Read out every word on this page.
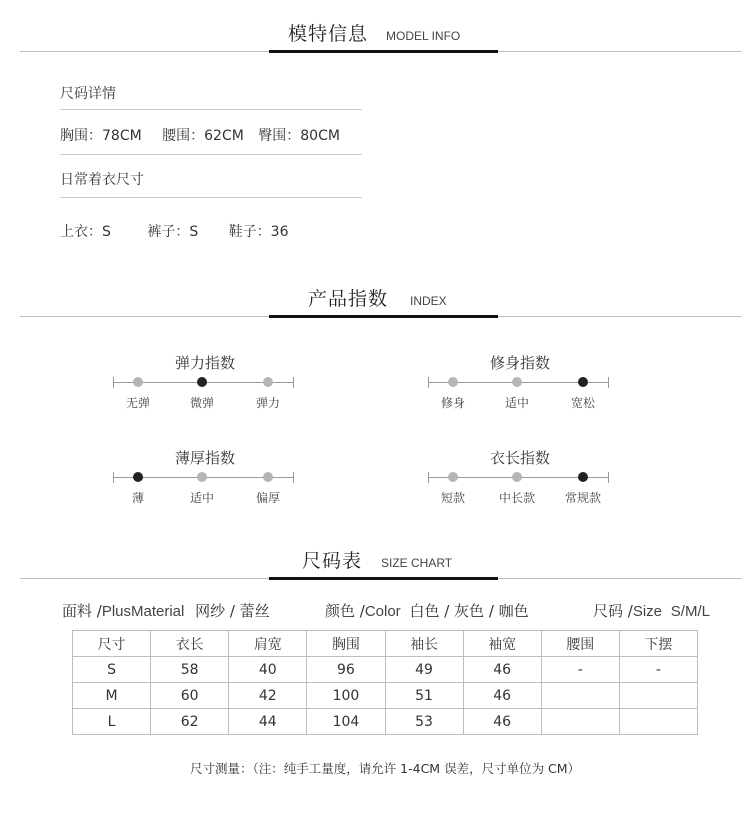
模特信息 MODEL INFO
尺码详情
胸围：78CM 腰围：62CM 臀围：80CM
日常着衣尺寸
上衣：S	裤子：S 鞋子：36
产品指数 INDEX
弹力指数
无弹	微弹	弹力
修身指数
修身	适中	宽松
薄厚指数
薄	适中	偏厚
衣长指数
短款	中长款	常规款
尺码表 SIZE CHART
面料 /PlusMaterial 网纱 / 蕾丝	颜色 /Color 白色 / 灰色 / 咖色	尺码 /Size S/M/L
尺寸	衣长	肩宽	胸围	袖长	袖宽	腰围	下摆
S	58	40	96	49	46	-	-
M	60	42	100	51	46		
L	62	44	104	53	46		
尺寸测量：（注：纯手工量度，请允许 1-4CM 误差，尺寸单位为 CM）
